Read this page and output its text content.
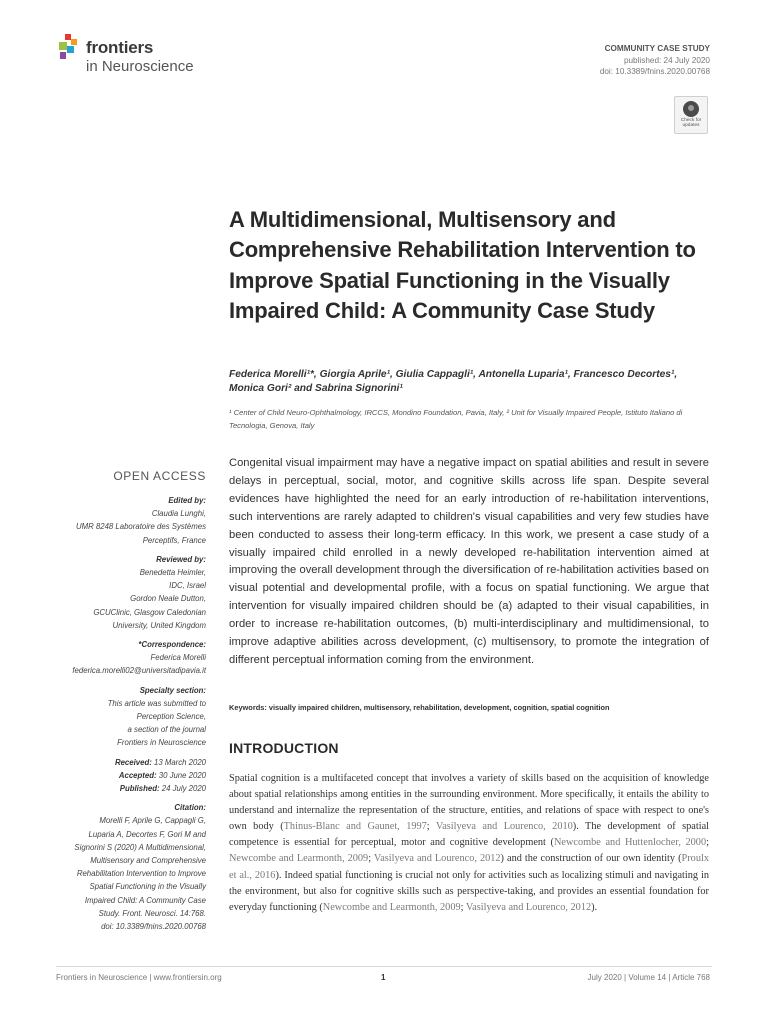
frontiers
in Neuroscience
COMMUNITY CASE STUDY
published: 24 July 2020
doi: 10.3389/fnins.2020.00768
Check for updates
A Multidimensional, Multisensory and Comprehensive Rehabilitation Intervention to Improve Spatial Functioning in the Visually Impaired Child: A Community Case Study
Federica Morelli¹*, Giorgia Aprile¹, Giulia Cappagli¹, Antonella Luparia¹, Francesco Decortes¹, Monica Gori² and Sabrina Signorini¹
¹ Center of Child Neuro-Ophthalmology, IRCCS, Mondino Foundation, Pavia, Italy, ² Unit for Visually Impaired People, Istituto Italiano di Tecnologia, Genova, Italy
OPEN ACCESS

Edited by:

Claudia Lunghi,

UMR 8248 Laboratoire des Systèmes

Perceptifs, France

Reviewed by:

Benedetta Heimler,

IDC, Israel

Gordon Neale Dutton,

GCUClinic, Glasgow Caledonian

University, United Kingdom

*Correspondence:

Federica Morelli

federica.morelli02@universitadipavia.it

Specialty section:

This article was submitted to

Perception Science,

a section of the journal

Frontiers in Neuroscience

Received: 13 March 2020

Accepted: 30 June 2020

Published: 24 July 2020

Citation:

Morelli F, Aprile G, Cappagli G,

Luparia A, Decortes F, Gori M and

Signorini S (2020) A Multidimensional,

Multisensory and Comprehensive

Rehabilitation Intervention to Improve

Spatial Functioning in the Visually

Impaired Child: A Community Case

Study. Front. Neurosci. 14:768.

doi: 10.3389/fnins.2020.00768

Congenital visual impairment may have a negative impact on spatial abilities and result in severe delays in perceptual, social, motor, and cognitive skills across life span. Despite several evidences have highlighted the need for an early introduction of re-habilitation interventions, such interventions are rarely adapted to children's visual capabilities and very few studies have been conducted to assess their long-term efficacy. In this work, we present a case study of a visually impaired child enrolled in a newly developed re-habilitation intervention aimed at improving the overall development through the diversification of re-habilitation activities based on visual potential and developmental profile, with a focus on spatial functioning. We argue that intervention for visually impaired children should be (a) adapted to their visual capabilities, in order to increase re-habilitation outcomes, (b) multi-interdisciplinary and multidimensional, to improve adaptive abilities across development, (c) multisensory, to promote the integration of different perceptual information coming from the environment.
Keywords: visually impaired children, multisensory, rehabilitation, development, cognition, spatial cognition
INTRODUCTION
Spatial cognition is a multifaceted concept that involves a variety of skills based on the acquisition of knowledge about spatial relationships among entities in the surrounding environment. More specifically, it entails the ability to understand and internalize the representation of the structure, entities, and relations of space with respect to one's own body (Thinus-Blanc and Gaunet, 1997; Vasilyeva and Lourenco, 2010). The development of spatial competence is essential for perceptual, motor and cognitive development (Newcombe and Huttenlocher, 2000; Newcombe and Learmonth, 2009; Vasilyeva and Lourenco, 2012) and the construction of our own identity (Proulx et al., 2016). Indeed spatial functioning is crucial not only for activities such as localizing stimuli and navigating in the environment, but also for cognitive skills such as perspective-taking, and provides an essential foundation for everyday functioning (Newcombe and Learmonth, 2009; Vasilyeva and Lourenco, 2012).
Frontiers in Neuroscience | www.frontiersin.org	1	July 2020 | Volume 14 | Article 768
